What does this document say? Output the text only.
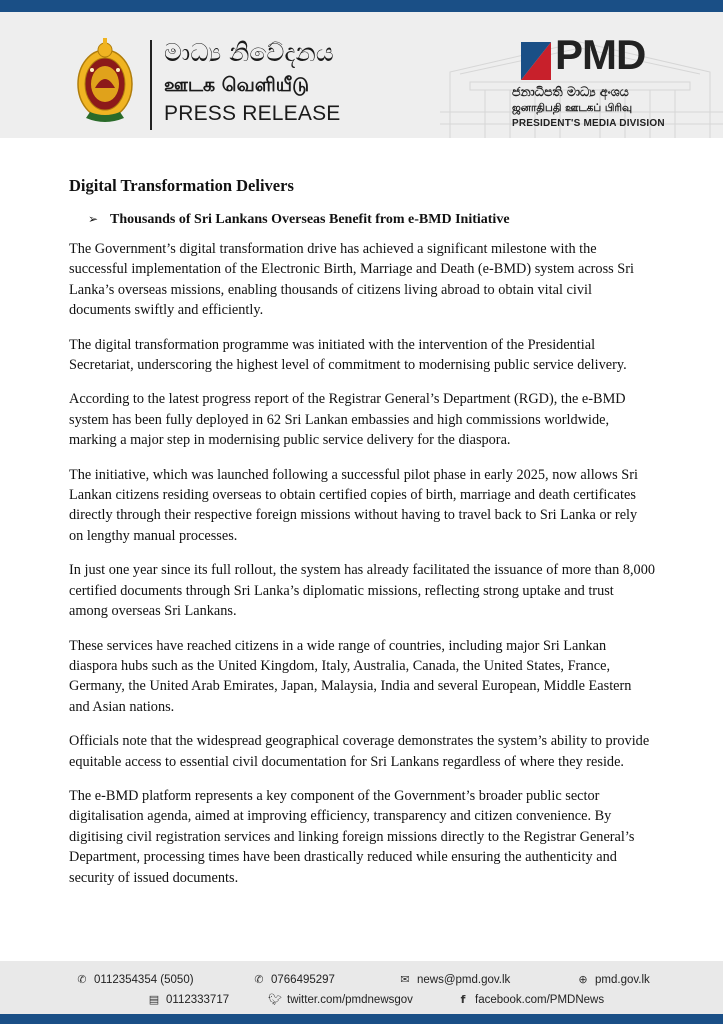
මාධ්‍ය නිවේදනය
ஊடக வெளியீடு
PRESS RELEASE
PMD
ජනාධිපති මාධ්‍ය අංශය
ஜனாதிபதி ஊடகப் பிரிவு
PRESIDENT'S MEDIA DIVISION
Digital Transformation Delivers
➢ Thousands of Sri Lankans Overseas Benefit from e-BMD Initiative

The Government’s digital transformation drive has achieved a significant milestone with the successful implementation of the Electronic Birth, Marriage and Death (e-BMD) system across Sri Lanka’s overseas missions, enabling thousands of citizens living abroad to obtain vital civil documents swiftly and efficiently.

The digital transformation programme was initiated with the intervention of the Presidential Secretariat, underscoring the highest level of commitment to modernising public service delivery.

According to the latest progress report of the Registrar General’s Department (RGD), the e-BMD system has been fully deployed in 62 Sri Lankan embassies and high commissions worldwide, marking a major step in modernising public service delivery for the diaspora.

The initiative, which was launched following a successful pilot phase in early 2025, now allows Sri Lankan citizens residing overseas to obtain certified copies of birth, marriage and death certificates directly through their respective foreign missions without having to travel back to Sri Lanka or rely on lengthy manual processes.

In just one year since its full rollout, the system has already facilitated the issuance of more than 8,000 certified documents through Sri Lanka’s diplomatic missions, reflecting strong uptake and trust among overseas Sri Lankans.

These services have reached citizens in a wide range of countries, including major Sri Lankan diaspora hubs such as the United Kingdom, Italy, Australia, Canada, the United States, France, Germany, the United Arab Emirates, Japan, Malaysia, India and several European, Middle Eastern and Asian nations.

Officials note that the widespread geographical coverage demonstrates the system’s ability to provide equitable access to essential civil documentation for Sri Lankans regardless of where they reside.

The e-BMD platform represents a key component of the Government’s broader public sector digitalisation agenda, aimed at improving efficiency, transparency and citizen convenience. By digitising civil registration services and linking foreign missions directly to the Registrar General’s Department, processing times have been drastically reduced while ensuring the authenticity and security of issued documents.

✆ 0112354354 (5050)	✆ 0766495297	✉ news@pmd.gov.lk	⊕ pmd.gov.lk
▤ 0112333717	🐦︎ twitter.com/pmdnewsgov	f facebook.com/PMDNews
